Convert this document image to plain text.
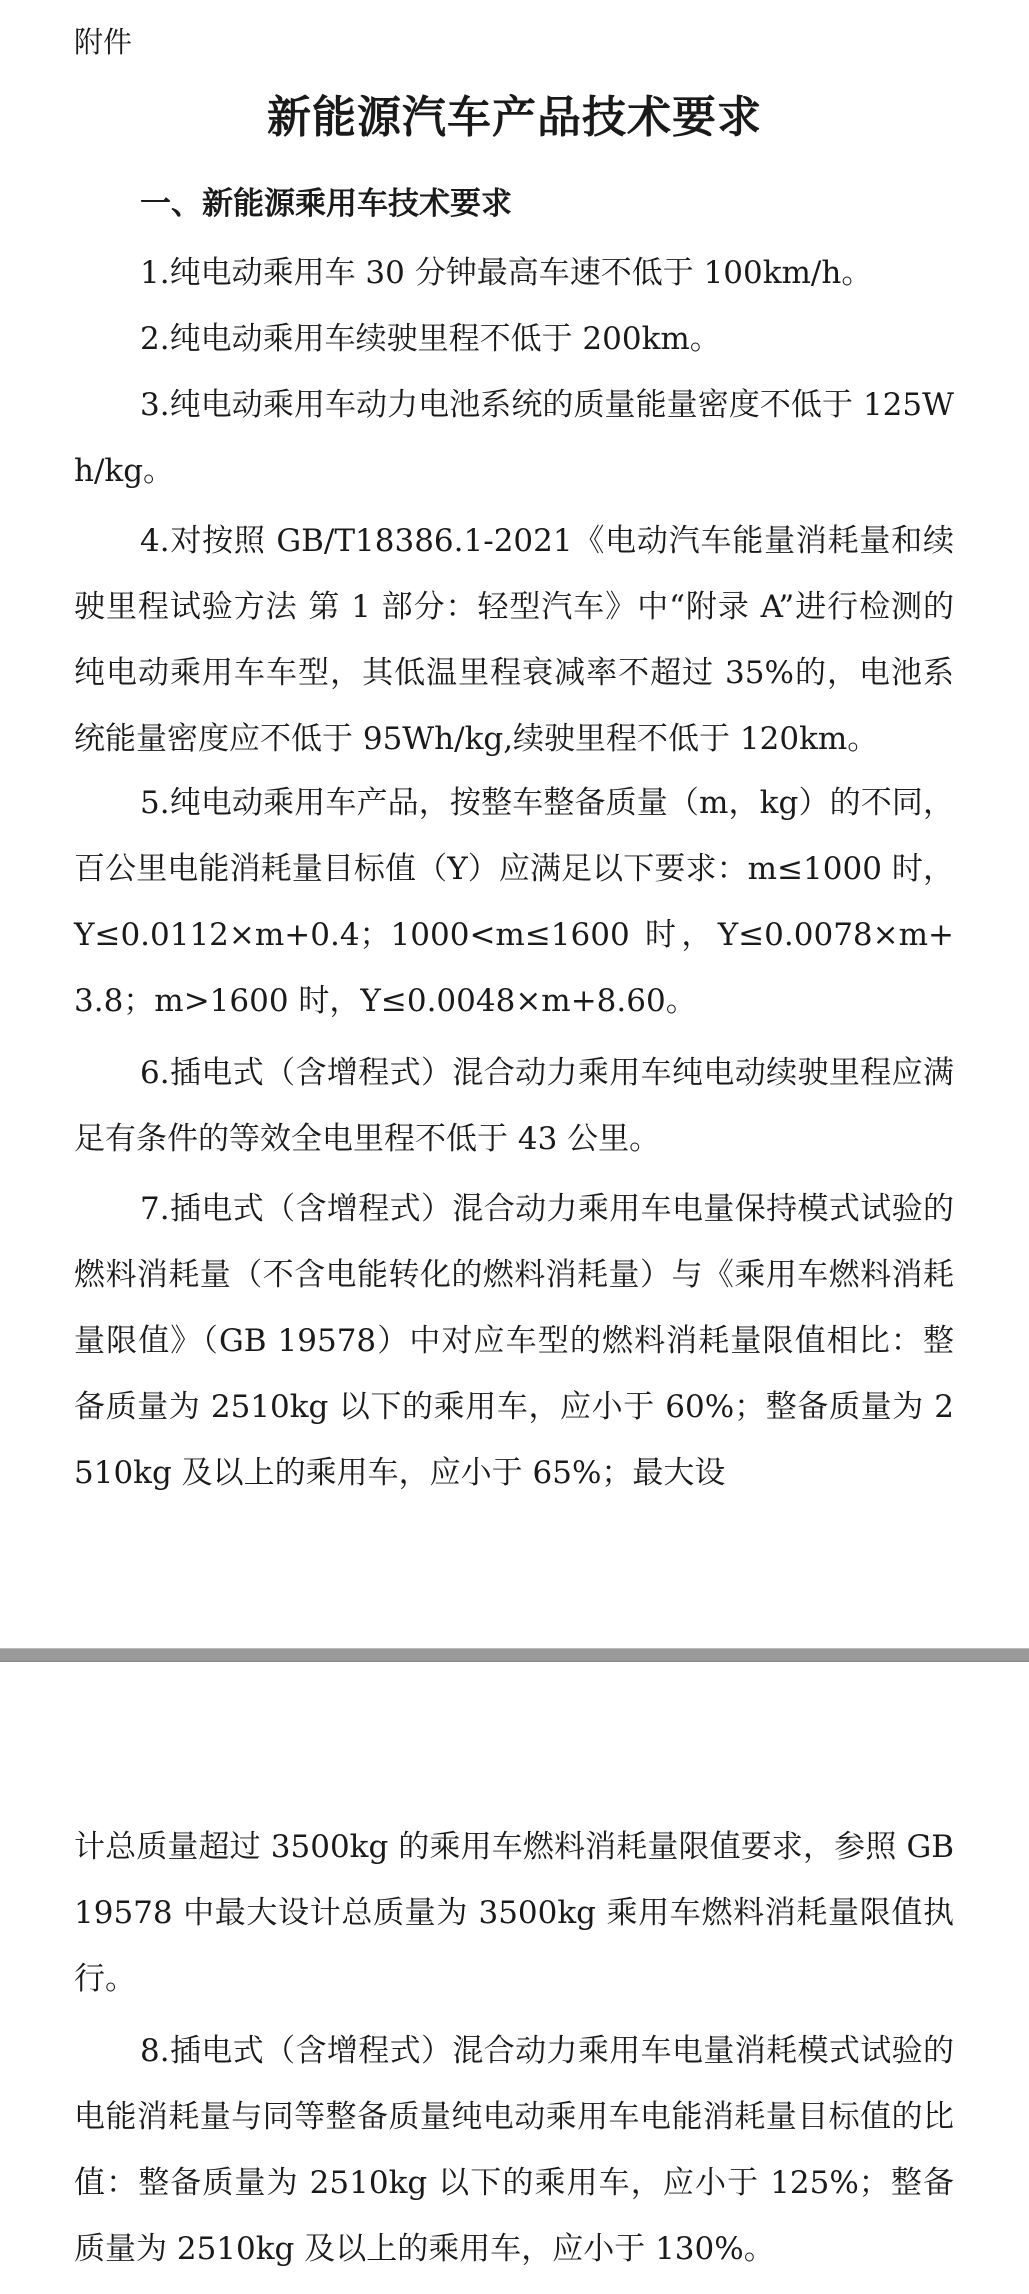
附件
新能源汽车产品技术要求
一、新能源乘用车技术要求

1.纯电动乘用车 30 分钟最高车速不低于 100km/h。

2.纯电动乘用车续驶里程不低于 200km。

3.纯电动乘用车动力电池系统的质量能量密度不低于 125Wh/kg。

4.对按照 GB/T18386.1-2021《电动汽车能量消耗量和续驶里程试验方法 第 1 部分：轻型汽车》中“附录 A”进行检测的纯电动乘用车车型，其低温里程衰减率不超过 35%的，电池系统能量密度应不低于 95Wh/kg,续驶里程不低于 120km。

5.纯电动乘用车产品，按整车整备质量（m，kg）的不同，百公里电能消耗量目标值（Y）应满足以下要求：m≤1000 时，Y≤0.0112×m+0.4；1000<m≤1600 时，Y≤0.0078×m+3.8；m>1600 时，Y≤0.0048×m+8.60。

6.插电式（含增程式）混合动力乘用车纯电动续驶里程应满足有条件的等效全电里程不低于 43 公里。

7.插电式（含增程式）混合动力乘用车电量保持模式试验的燃料消耗量（不含电能转化的燃料消耗量）与《乘用车燃料消耗量限值》（GB 19578）中对应车型的燃料消耗量限值相比：整备质量为 2510kg 以下的乘用车，应小于 60%；整备质量为 2510kg 及以上的乘用车，应小于 65%；最大设

计总质量超过 3500kg 的乘用车燃料消耗量限值要求，参照 GB 19578 中最大设计总质量为 3500kg 乘用车燃料消耗量限值执行。

8.插电式（含增程式）混合动力乘用车电量消耗模式试验的电能消耗量与同等整备质量纯电动乘用车电能消耗量目标值的比值：整备质量为 2510kg 以下的乘用车，应小于 125%；整备质量为 2510kg 及以上的乘用车，应小于 130%。
